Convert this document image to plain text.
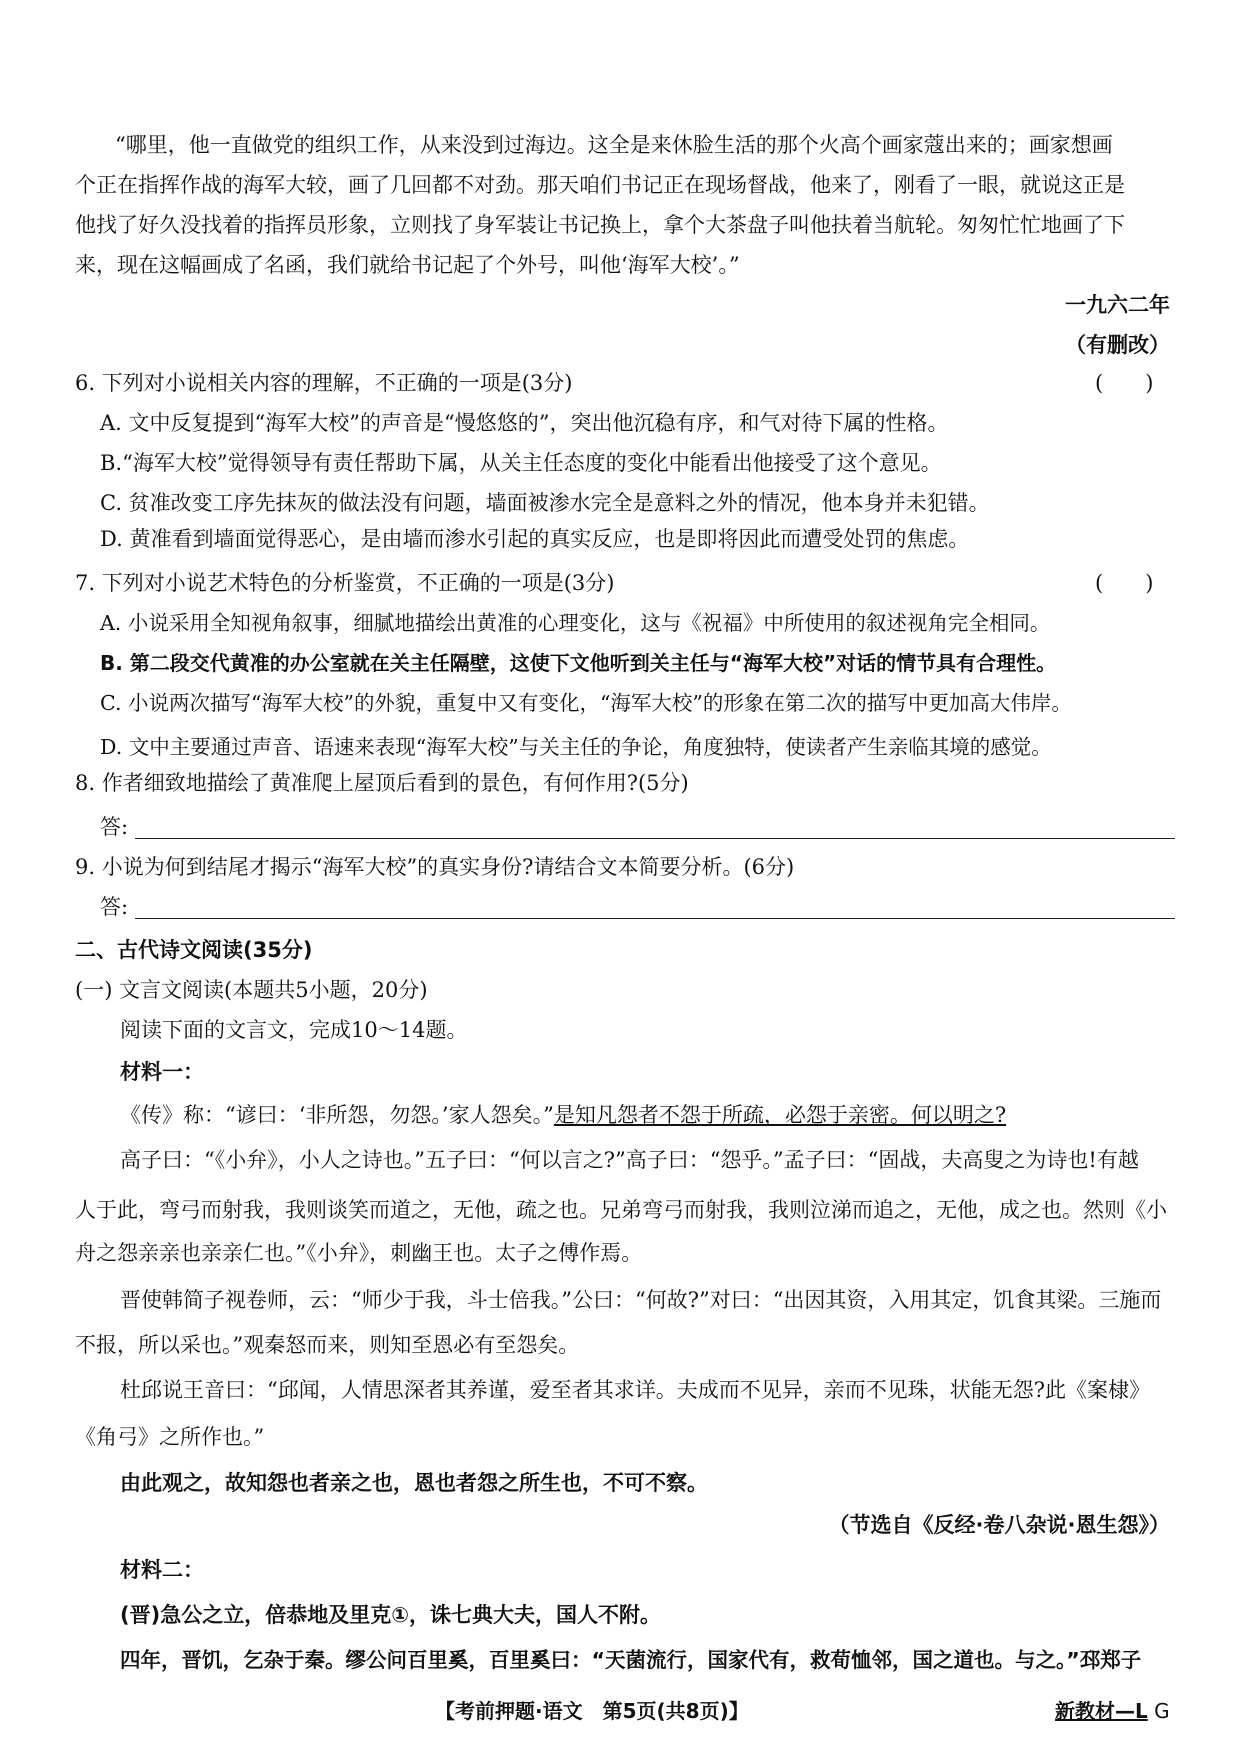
“哪里，他一直做党的组织工作，从来没到过海边。这全是来休脸生活的那个火高个画家蔻出来的；画家想画
个正在指挥作战的海军大较，画了几回都不对劲。那天咱们书记正在现场督战，他来了，刚看了一眼，就说这正是
他找了好久没找着的指挥员形象，立则找了身军装让书记换上，拿个大茶盘子叫他扶着当航轮。匆匆忙忙地画了下
来，现在这幅画成了名函，我们就给书记起了个外号，叫他‘海军大校’。”
一九六二年
（有删改）
6. 下列对小说相关内容的理解，不正确的一项是(3分)	(　　)
A. 文中反复提到“海军大校”的声音是“慢悠悠的”，突出他沉稳有序，和气对待下属的性格。
B.“海军大校”觉得领导有责任帮助下属，从关主任态度的变化中能看出他接受了这个意见。
C. 贫准改变工序先抹灰的做法没有问题，墙面被渗水完全是意料之外的情况，他本身并未犯错。
D. 黄准看到墙面觉得恶心，是由墙而渗水引起的真实反应，也是即将因此而遭受处罚的焦虑。
7. 下列对小说艺术特色的分析鉴赏，不正确的一项是(3分)	(　　)
A. 小说采用全知视角叙事，细腻地描绘出黄准的心理变化，这与《祝福》中所使用的叙述视角完全相同。
B. 第二段交代黄准的办公室就在关主任隔壁，这使下文他听到关主任与“海军大校”对话的情节具有合理性。
C. 小说两次描写“海军大校”的外貌，重复中又有变化，“海军大校”的形象在第二次的描写中更加高大伟岸。
D. 文中主要通过声音、语速来表现“海军大校”与关主任的争论，角度独特，使读者产生亲临其境的感觉。
8. 作者细致地描绘了黄准爬上屋顶后看到的景色，有何作用?(5分)
答:
9. 小说为何到结尾才揭示“海军大校”的真实身份?请结合文本简要分析。(6分)
答:
二、古代诗文阅读(35分)
(一) 文言文阅读(本题共5小题，20分)
阅读下面的文言文，完成10～14题。
材料一：
《传》称：“谚曰：‘非所怨，勿怨。’家人怨矣。”是知凡怨者不怨于所疏，必怨于亲密。何以明之?
高子曰：“《小弁》，小人之诗也。”五子曰：“何以言之?”高子曰：“怨乎。”孟子曰：“固战，夫高叟之为诗也!有越
人于此，弯弓而射我，我则谈笑而道之，无他，疏之也。兄弟弯弓而射我，我则泣涕而追之，无他，成之也。然则《小
舟之怨亲亲也亲亲仁也。”《小弁》，刺幽王也。太子之傅作焉。
晋使韩简子视卷师，云：“师少于我，斗士倍我。”公曰：“何故?”对曰：“出因其资，入用其定，饥食其梁。三施而
不报，所以采也。”观秦怒而来，则知至恩必有至怨矣。
杜邱说王音曰：“邱闻，人情思深者其养谨，爱至者其求详。夫成而不见异，亲而不见珠，状能无怨?此《案棣》
《角弓》之所作也。”
由此观之，故知怨也者亲之也，恩也者怨之所生也，不可不察。
（节选自《反经·卷八杂说·恩生怨》）
材料二：
(晋)急公之立，倍恭地及里克①，诛七典大夫，国人不附。
四年，晋饥，乞杂于秦。缪公问百里奚，百里奚曰：“天菌流行，国家代有，救荀恤邻，国之道也。与之。”邳郑子
【考前押题·语文　第5页(共8页)】	新教材—L G
